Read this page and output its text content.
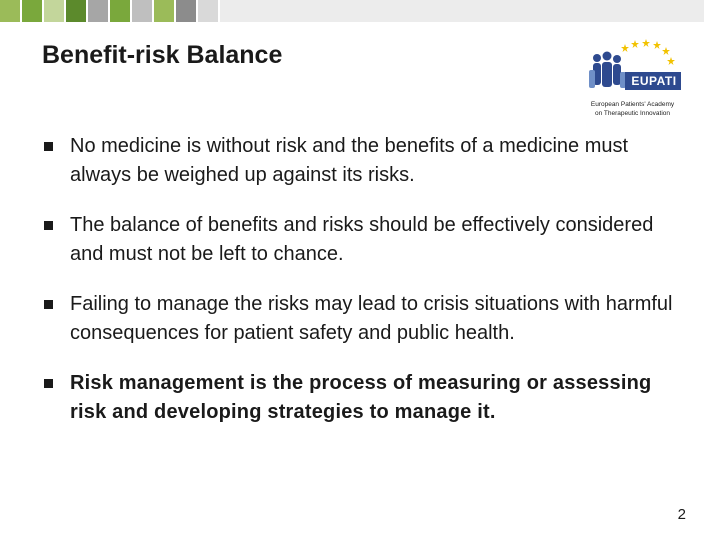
Benefit-risk Balance
EUPATI
European Patients' Academy
on Therapeutic Innovation
No medicine is without risk and the benefits of a medicine must always be weighed up against its risks.
The balance of benefits and risks should be effectively considered and must not be left to chance.
Failing to manage the risks may lead to crisis situations with harmful consequences for patient safety and public health.
Risk management is the process of measuring or assessing risk and developing strategies to manage it.
2
